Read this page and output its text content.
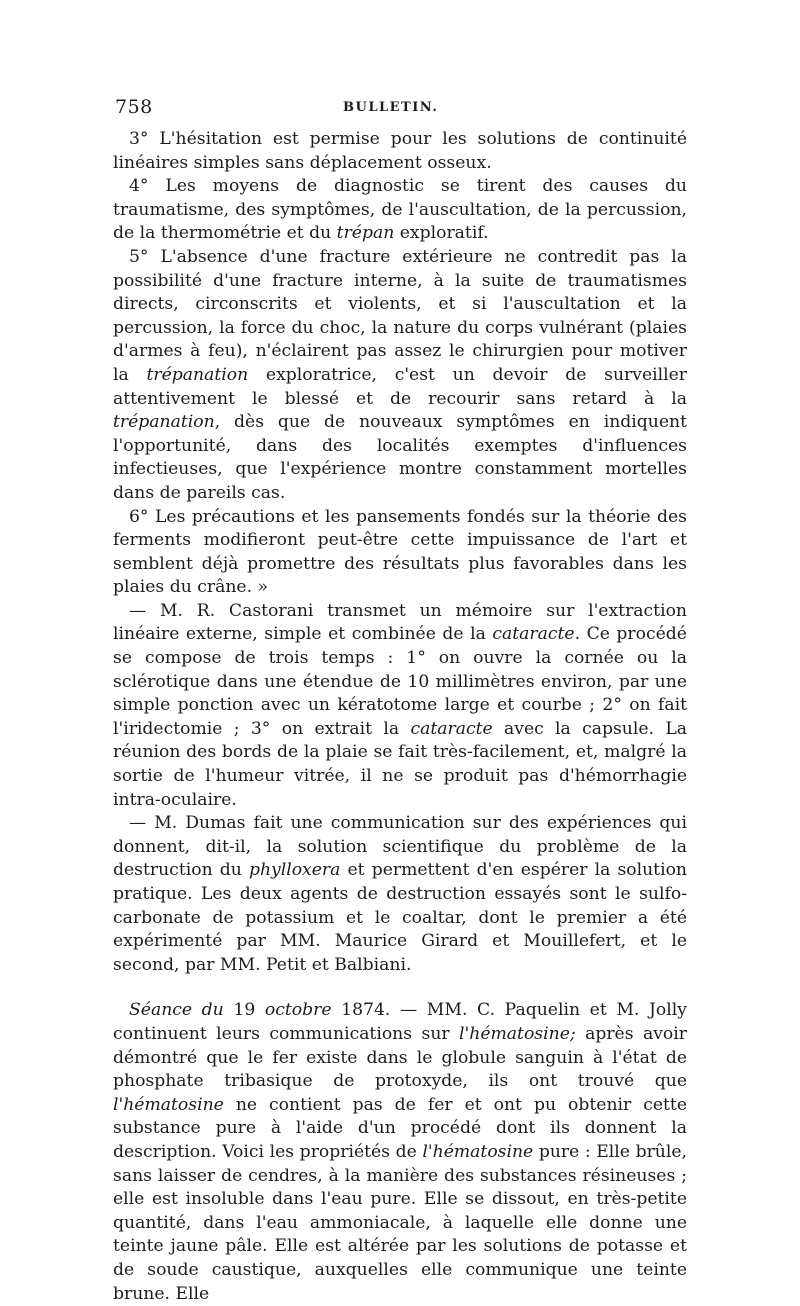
758	BULLETIN.

3° L'hésitation est permise pour les solutions de continuité linéaires simples sans déplacement osseux.

4° Les moyens de diagnostic se tirent des causes du traumatisme, des symptômes, de l'auscultation, de la percussion, de la thermométrie et du trépan exploratif.

5° L'absence d'une fracture extérieure ne contredit pas la possibilité d'une fracture interne, à la suite de traumatismes directs, circonscrits et violents, et si l'auscultation et la percussion, la force du choc, la nature du corps vulnérant (plaies d'armes à feu), n'éclairent pas assez le chirurgien pour motiver la trépanation exploratrice, c'est un devoir de surveiller attentivement le blessé et de recourir sans retard à la trépanation, dès que de nouveaux symptômes en indiquent l'opportunité, dans des localités exemptes d'influences infectieuses, que l'expérience montre constamment mortelles dans de pareils cas.

6° Les précautions et les pansements fondés sur la théorie des ferments modifieront peut-être cette impuissance de l'art et semblent déjà promettre des résultats plus favorables dans les plaies du crâne. »

— M. R. Castorani transmet un mémoire sur l'extraction linéaire externe, simple et combinée de la cataracte. Ce procédé se compose de trois temps : 1° on ouvre la cornée ou la sclérotique dans une étendue de 10 millimètres environ, par une simple ponction avec un kératotome large et courbe ; 2° on fait l'iridectomie ; 3° on extrait la cataracte avec la capsule. La réunion des bords de la plaie se fait très-facilement, et, malgré la sortie de l'humeur vitrée, il ne se produit pas d'hémorrhagie intra-oculaire.

— M. Dumas fait une communication sur des expériences qui donnent, dit-il, la solution scientifique du problème de la destruction du phylloxera et permettent d'en espérer la solution pratique. Les deux agents de destruction essayés sont le sulfo-carbonate de potassium et le coaltar, dont le premier a été expérimenté par MM. Maurice Girard et Mouillefert, et le second, par MM. Petit et Balbiani.

Séance du 19 octobre 1874. — MM. C. Paquelin et M. Jolly continuent leurs communications sur l'hématosine; après avoir démontré que le fer existe dans le globule sanguin à l'état de phosphate tribasique de protoxyde, ils ont trouvé que l'hématosine ne contient pas de fer et ont pu obtenir cette substance pure à l'aide d'un procédé dont ils donnent la description. Voici les propriétés de l'hématosine pure : Elle brûle, sans laisser de cendres, à la manière des substances résineuses ; elle est insoluble dans l'eau pure. Elle se dissout, en très-petite quantité, dans l'eau ammoniacale, à laquelle elle donne une teinte jaune pâle. Elle est altérée par les solutions de potasse et de soude caustique, auxquelles elle communique une teinte brune. Elle
